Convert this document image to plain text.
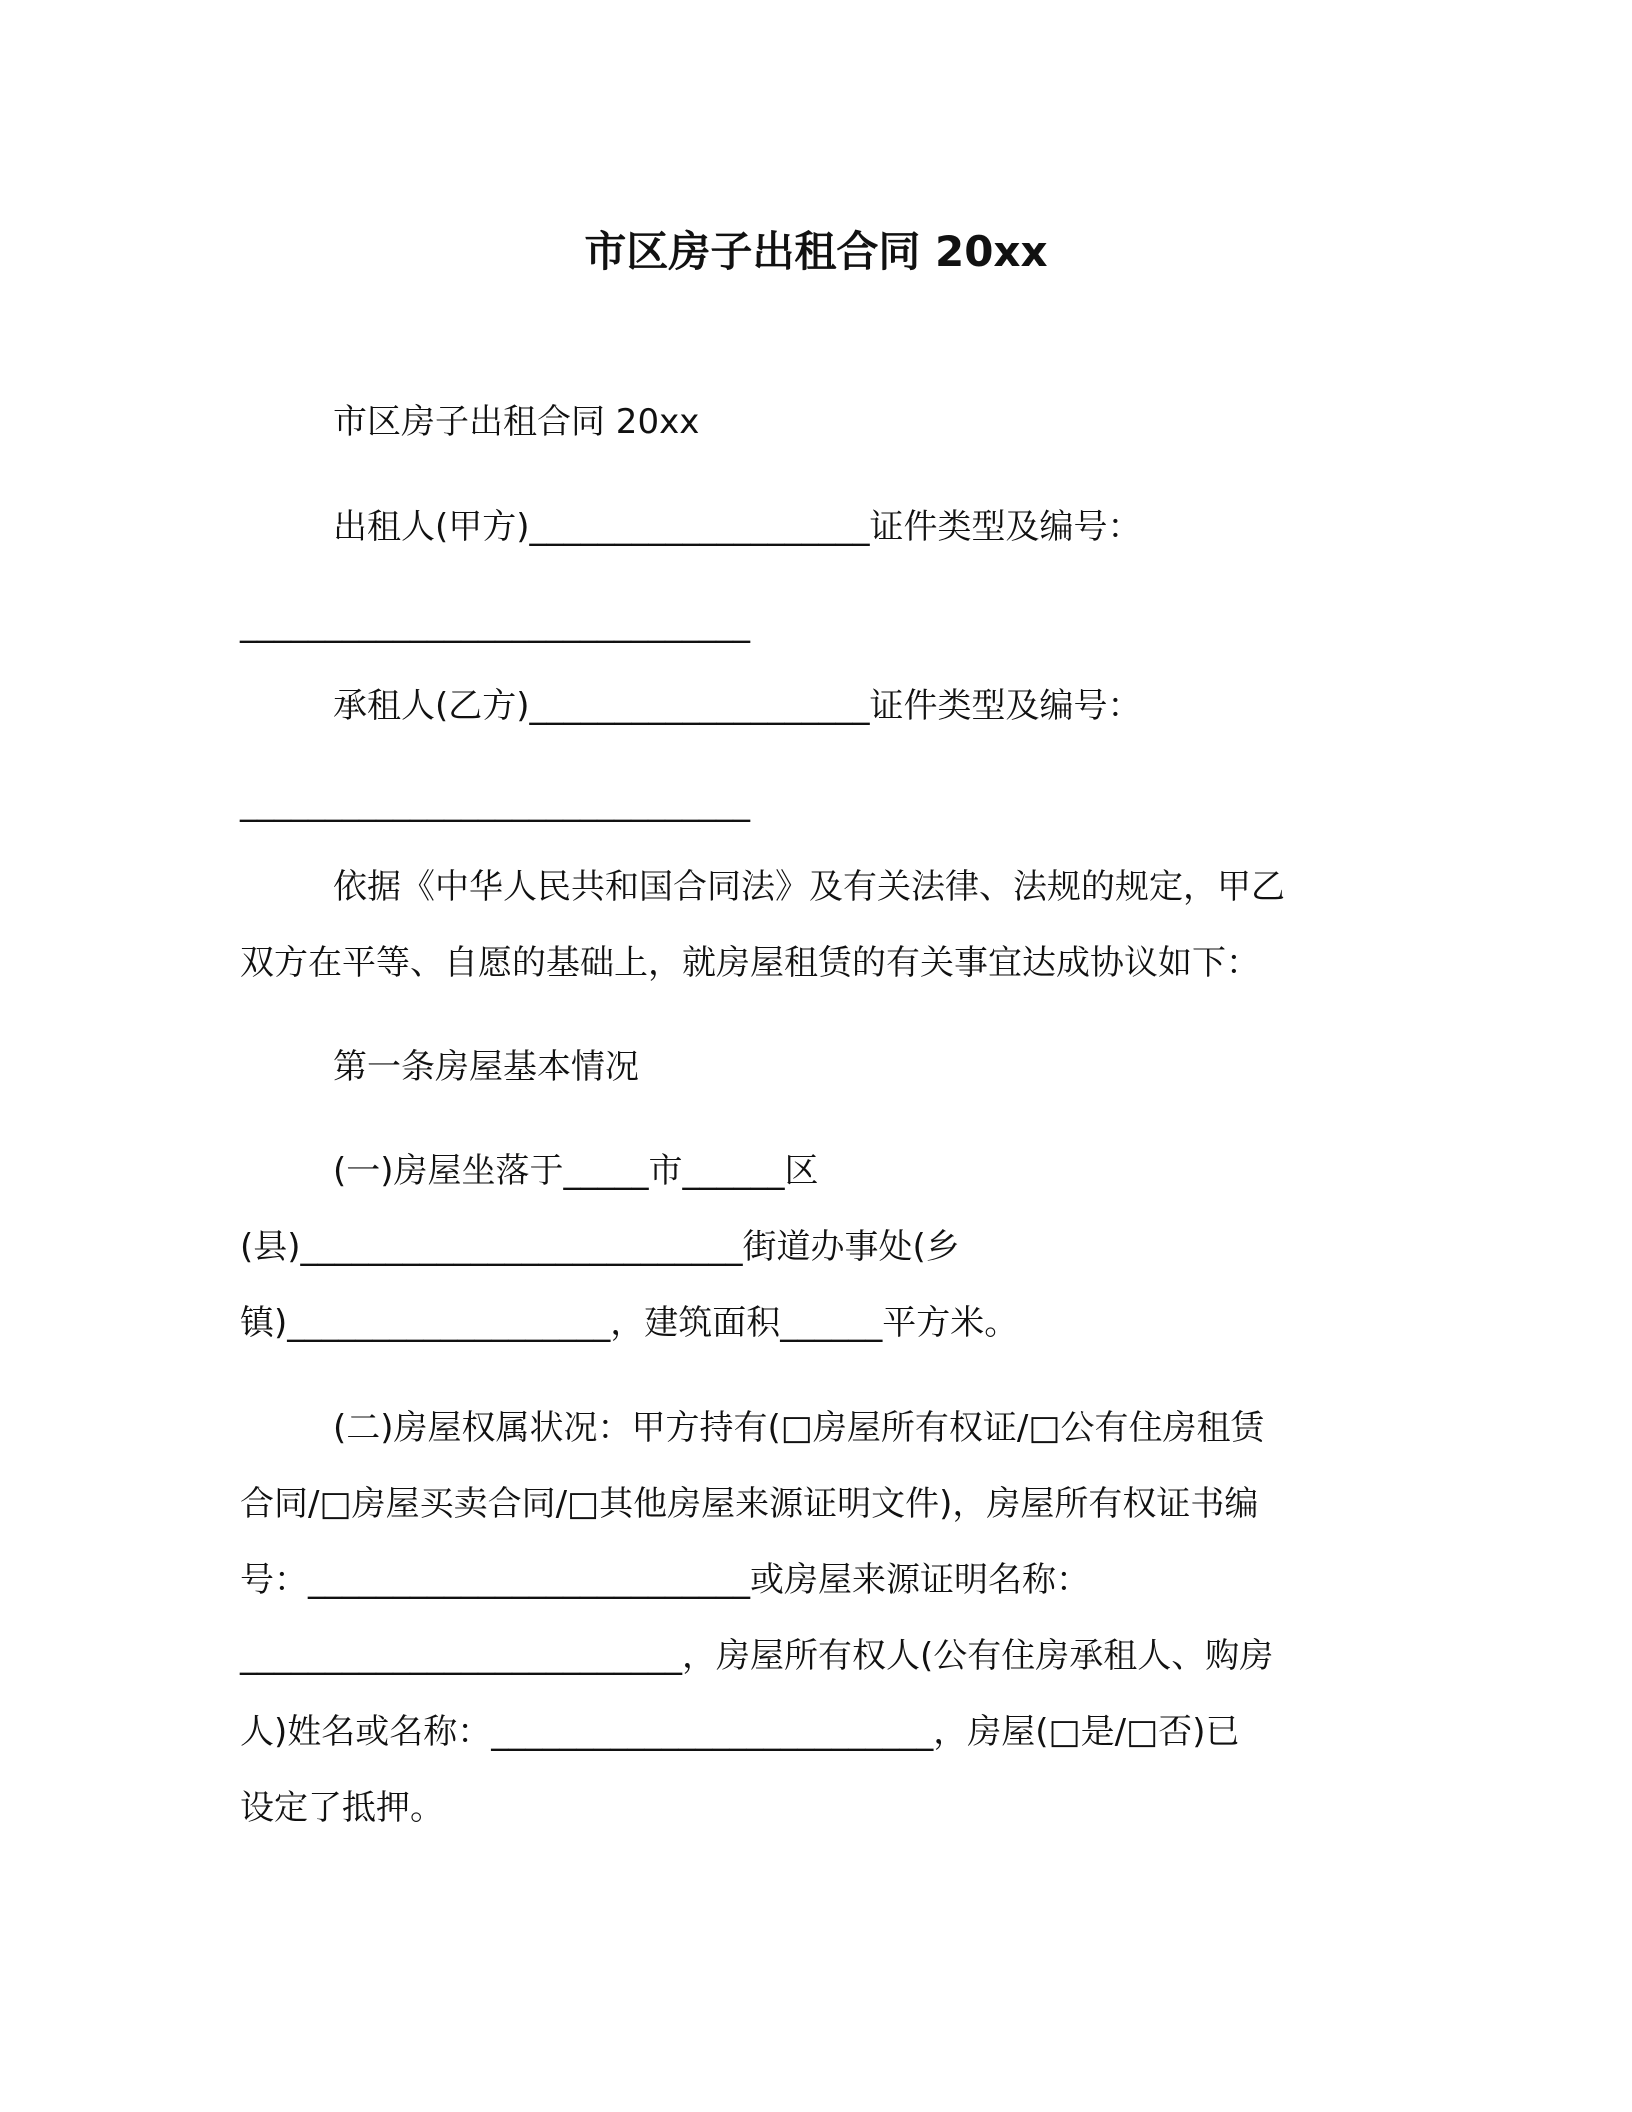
市区房子出租合同 20xx
市区房子出租合同 20xx
出租人(甲方)____________________证件类型及编号：
______________________________
承租人(乙方)____________________证件类型及编号：
______________________________
依据《中华人民共和国合同法》及有关法律、法规的规定，甲乙
双方在平等、自愿的基础上，就房屋租赁的有关事宜达成协议如下：
第一条房屋基本情况
(一)房屋坐落于_____市______区
(县)__________________________街道办事处(乡
镇)___________________，建筑面积______平方米。
(二)房屋权属状况：甲方持有(□房屋所有权证/□公有住房租赁
合同/□房屋买卖合同/□其他房屋来源证明文件)，房屋所有权证书编
号：__________________________或房屋来源证明名称：
__________________________，房屋所有权人(公有住房承租人、购房
人)姓名或名称：__________________________，房屋(□是/□否)已
设定了抵押。
